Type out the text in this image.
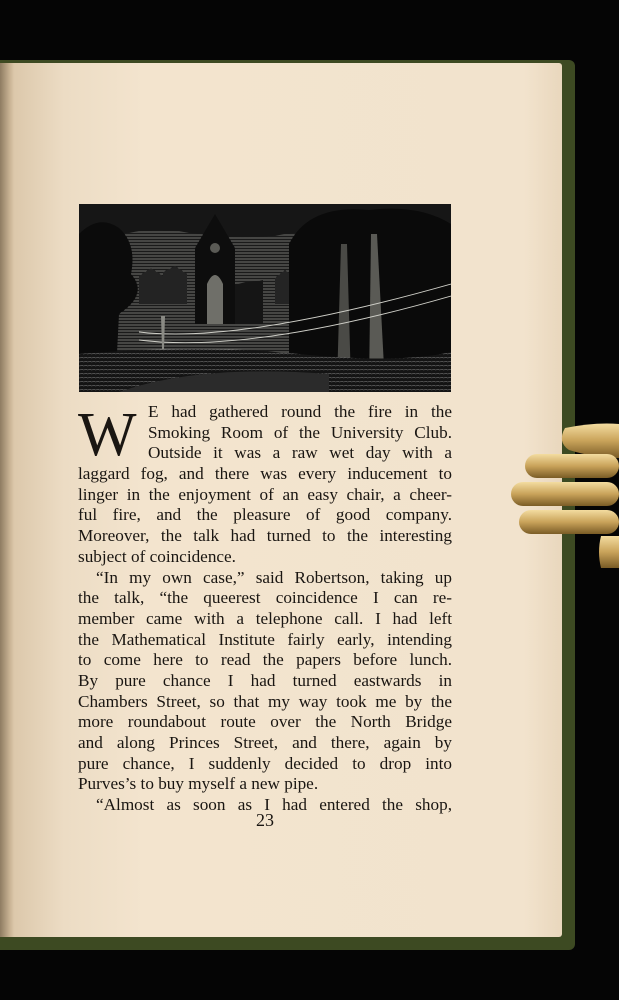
W E had gathered round the fire in the
Smoking Room of the University Club.
Outside it was a raw wet day with a
laggard fog, and there was every inducement to
linger in the enjoyment of an easy chair, a cheer-
ful fire, and the pleasure of good company.
Moreover, the talk had turned to the interesting
subject of coincidence.
“In my own case,” said Robertson, taking up
the talk, “the queerest coincidence I can re-
member came with a telephone call. I had left
the Mathematical Institute fairly early, intending
to come here to read the papers before lunch.
By pure chance I had turned eastwards in
Chambers Street, so that my way took me by the
more roundabout route over the North Bridge
and along Princes Street, and there, again by
pure chance, I suddenly decided to drop into
Purves’s to buy myself a new pipe.
“Almost as soon as I had entered the shop,
23
